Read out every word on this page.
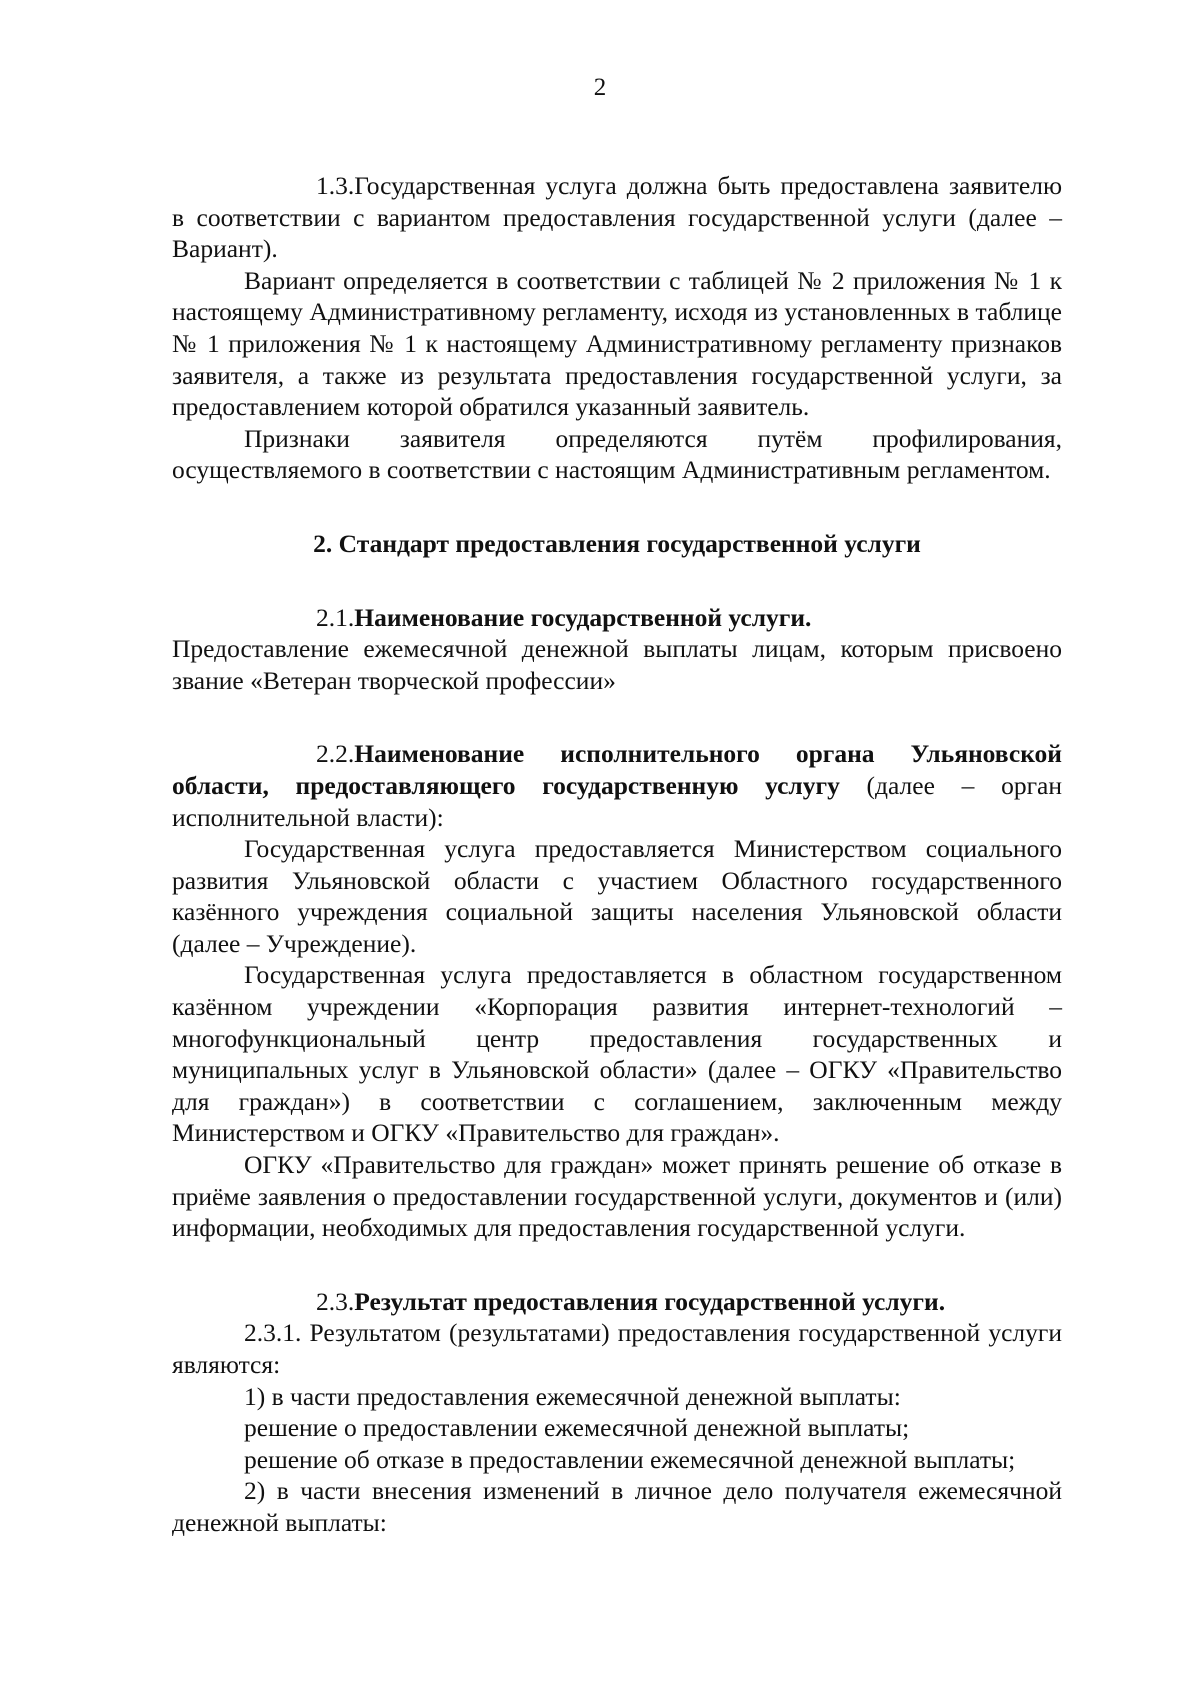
2

1.3.Государственная услуга должна быть предоставлена заявителю в соответствии с вариантом предоставления государственной услуги (далее – Вариант).

Вариант определяется в соответствии с таблицей № 2 приложения № 1 к настоящему Административному регламенту, исходя из установленных в таблице № 1 приложения № 1 к настоящему Административному регламенту признаков заявителя, а также из результата предоставления государственной услуги, за предоставлением которой обратился указанный заявитель.

Признаки заявителя определяются путём профилирования, осуществляемого в соответствии с настоящим Административным регламентом.

2. Стандарт предоставления государственной услуги

2.1.Наименование государственной услуги.

Предоставление ежемесячной денежной выплаты лицам, которым присвоено звание «Ветеран творческой профессии»

2.2.Наименование исполнительного органа Ульяновской области, предоставляющего государственную услугу (далее – орган исполнительной власти):

Государственная услуга предоставляется Министерством социального развития Ульяновской области с участием Областного государственного казённого учреждения социальной защиты населения Ульяновской области (далее – Учреждение).

Государственная услуга предоставляется в областном государственном казённом учреждении «Корпорация развития интернет-технологий – многофункциональный центр предоставления государственных и муниципальных услуг в Ульяновской области» (далее – ОГКУ «Правительство для граждан») в соответствии с соглашением, заключенным между Министерством и ОГКУ «Правительство для граждан».

ОГКУ «Правительство для граждан» может принять решение об отказе в приёме заявления о предоставлении государственной услуги, документов и (или) информации, необходимых для предоставления государственной услуги.

2.3.Результат предоставления государственной услуги.

2.3.1. Результатом (результатами) предоставления государственной услуги являются:

1) в части предоставления ежемесячной денежной выплаты:

решение о предоставлении ежемесячной денежной выплаты;

решение об отказе в предоставлении ежемесячной денежной выплаты;

2) в части внесения изменений в личное дело получателя ежемесячной денежной выплаты:
